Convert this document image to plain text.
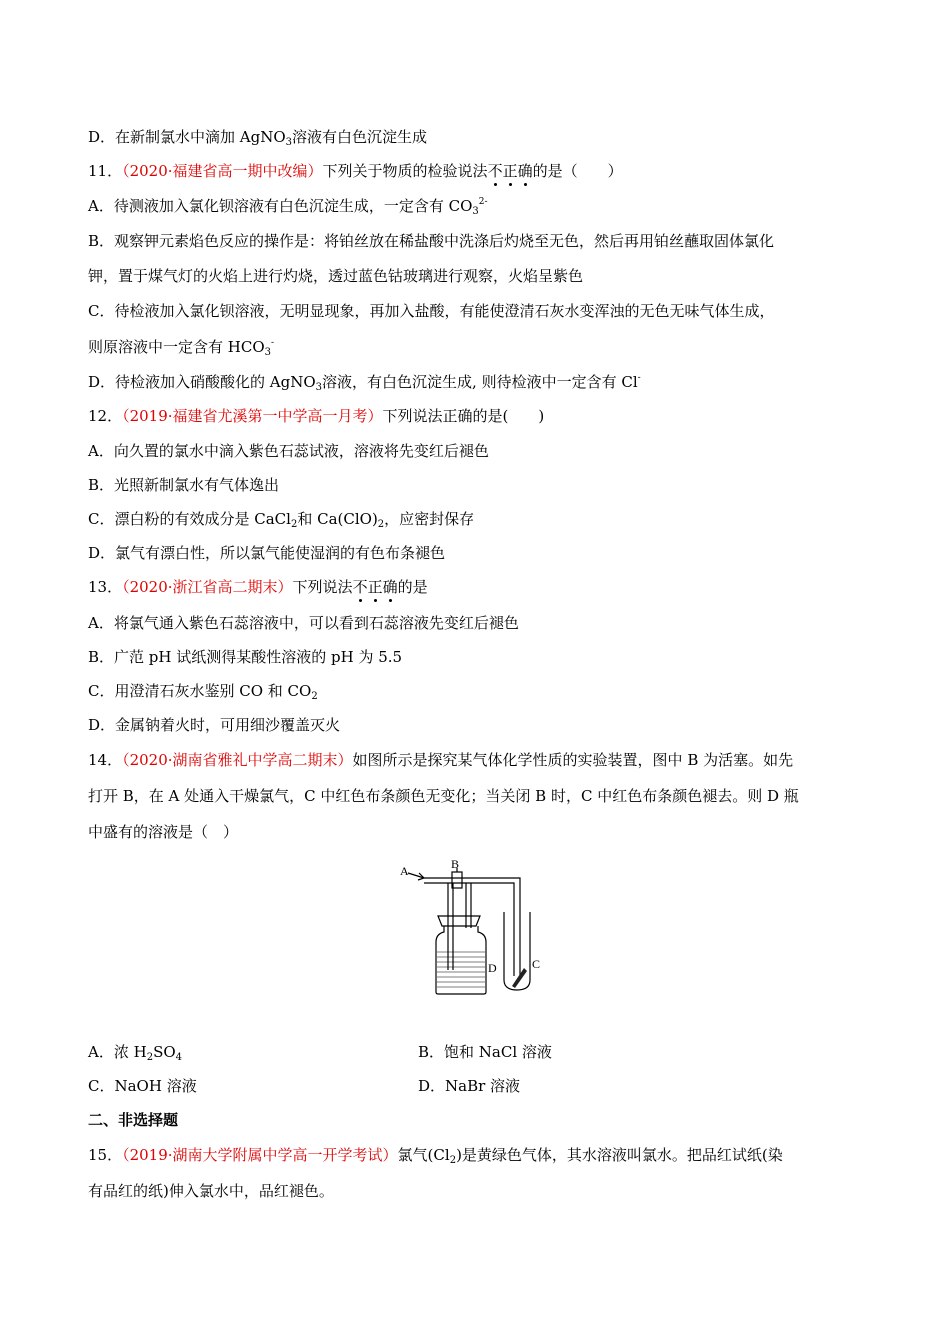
D．在新制氯水中滴加 AgNO$_3$溶液有白色沉淀生成
11．（2020·福建省高一期中改编）下列关于物质的检验说法不正确的是（　　）
A．待测液加入氯化钡溶液有白色沉淀生成，一定含有 $CO_3^{2-}$
B．观察钾元素焰色反应的操作是：将铂丝放在稀盐酸中洗涤后灼烧至无色，然后再用铂丝蘸取固体氯化
钾，置于煤气灯的火焰上进行灼烧，透过蓝色钴玻璃进行观察，火焰呈紫色
C．待检液加入氯化钡溶液，无明显现象，再加入盐酸，有能使澄清石灰水变浑浊的无色无味气体生成，
则原溶液中一定含有 $HCO_3^-$
D．待检液加入硝酸酸化的 AgNO$_3$溶液，有白色沉淀生成, 则待检液中一定含有 Cl-
12．（2019·福建省尤溪第一中学高一月考）下列说法正确的是(　　)
A．向久置的氯水中滴入紫色石蕊试液，溶液将先变红后褪色
B．光照新制氯水有气体逸出
C．漂白粉的有效成分是 CaCl$_2$和 $Ca(ClO)_2$，应密封保存
D．氯气有漂白性，所以氯气能使湿润的有色布条褪色
13．（2020·浙江省高二期末）下列说法不正确的是
A．将氯气通入紫色石蕊溶液中，可以看到石蕊溶液先变红后褪色
B．广范 pH 试纸测得某酸性溶液的 pH 为 5.5
C．用澄清石灰水鉴别 CO 和 $CO_2$
D．金属钠着火时，可用细沙覆盖灭火
14．（2020·湖南省雅礼中学高二期末）如图所示是探究某气体化学性质的实验装置，图中 B 为活塞。如先
打开 B，在 A 处通入干燥氯气，C 中红色布条颜色无变化；当关闭 B 时，C 中红色布条颜色褪去。则 D 瓶
中盛有的溶液是（　）
A	B
C
D
A．浓 $H_2SO_4$	B．饱和 NaCl 溶液
C．NaOH 溶液	D．NaBr 溶液
二、非选择题
15．（2019·湖南大学附属中学高一开学考试）氯气$(Cl_2)$是黄绿色气体，其水溶液叫氯水。把品红试纸(染
有品红的纸)伸入氯水中，品红褪色。
